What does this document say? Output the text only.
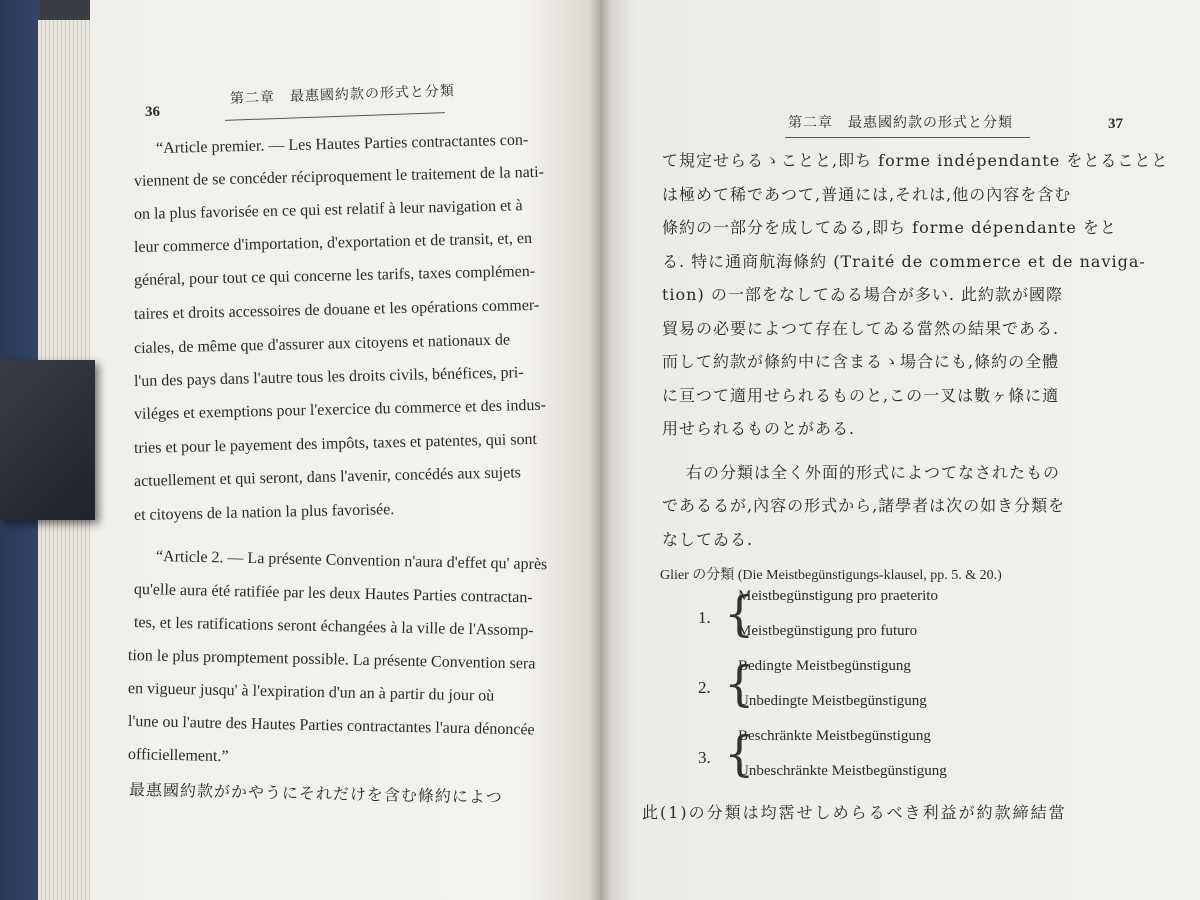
36
第二章　最惠國約款の形式と分類
“Article premier. — Les Hautes Parties contractantes con-
viennent de se concéder réciproquement le traitement de la nati-
on la plus favorisée en ce qui est relatif à leur navigation et à
leur commerce d'importation, d'exportation et de transit, et, en
général, pour tout ce qui concerne les tarifs, taxes complémen-
taires et droits accessoires de douane et les opérations commer-
ciales, de même que d'assurer aux citoyens et nationaux de
l'un des pays dans l'autre tous les droits civils, bénéfices, pri-
viléges et exemptions pour l'exercice du commerce et des indus-
tries et pour le payement des impôts, taxes et patentes, qui sont
actuellement et qui seront, dans l'avenir, concédés aux sujets
et citoyens de la nation la plus favorisée.
“Article 2. — La présente Convention n'aura d'effet qu' après
qu'elle aura été ratifiée par les deux Hautes Parties contractan-
tes, et les ratifications seront échangées à la ville de l'Assomp-
tion le plus promptement possible. La présente Convention sera
en vigueur jusqu' à l'expiration d'un an à partir du jour où
l'une ou l'autre des Hautes Parties contractantes l'aura dénoncée
officiellement.”
最惠國約款がかやうにそれだけを含む條約によつ
第二章　最惠國約款の形式と分類	37
て規定せらるゝことと,即ち forme indépendante をとることと
は極めて稀であつて,普通には,それは,他の內容を含む
條約の一部分を成してゐる,即ち forme dépendante をと
る. 特に通商航海條約 (Traité de commerce et de naviga-
tion) の一部をなしてゐる場合が多い. 此約款が國際
貿易の必要によつて存在してゐる當然の結果である.
而して約款が條約中に含まるゝ場合にも,條約の全體
に亘つて適用せられるものと,この一叉は數ヶ條に適
用せられるものとがある.
右の分類は全く外面的形式によつてなされたもの
であるるが,內容の形式から,諸學者は次の如き分類を
なしてゐる.
Glier の分類 (Die Meistbegünstigungs-klausel, pp. 5. & 20.)
1. {
Meistbegünstigung pro praeterito
Meistbegünstigung pro futuro
2. {
Bedingte Meistbegünstigung
Unbedingte Meistbegünstigung
3. {
Beschränkte Meistbegünstigung
Unbeschränkte Meistbegünstigung
此(1)の分類は均霑せしめらるべき利益が約款締結當
